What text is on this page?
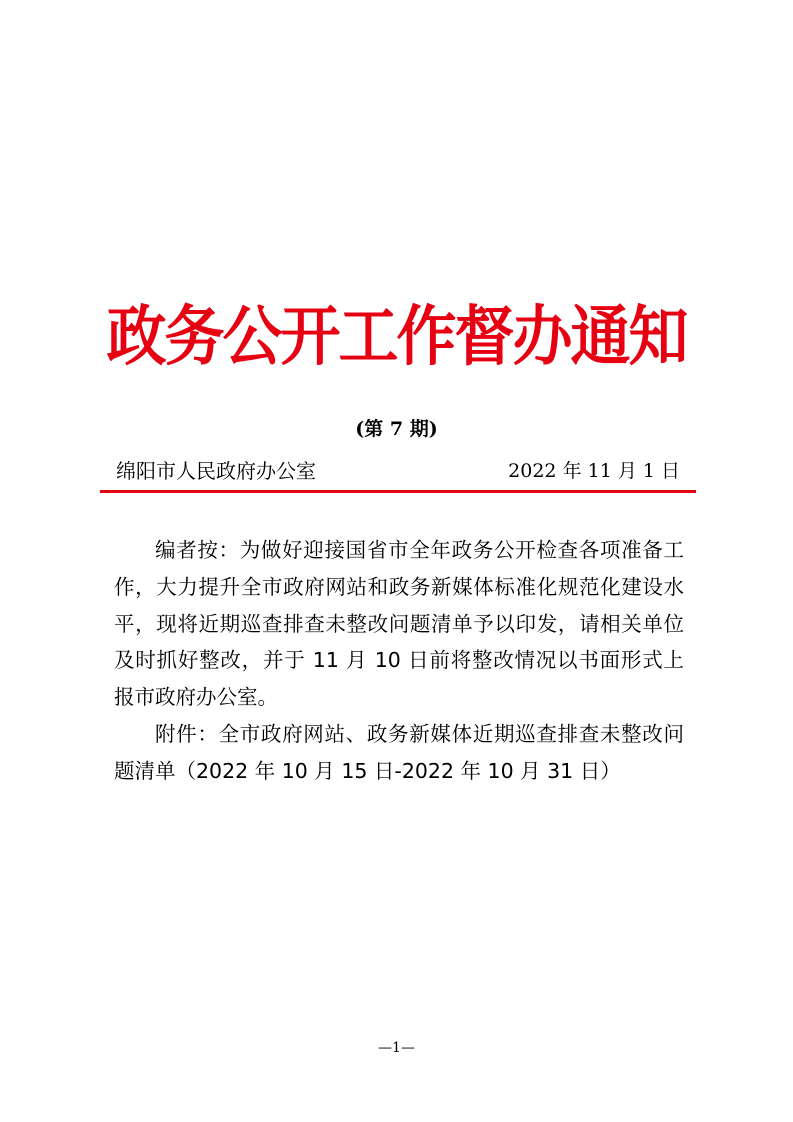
政务公开工作督办通知
(第 7 期)
绵阳市人民政府办公室	2022 年 11 月 1 日

编者按：为做好迎接国省市全年政务公开检查各项准备工作，大力提升全市政府网站和政务新媒体标准化规范化建设水平，现将近期巡查排查未整改问题清单予以印发，请相关单位及时抓好整改，并于 11 月 10 日前将整改情况以书面形式上报市政府办公室。

附件：全市政府网站、政务新媒体近期巡查排查未整改问题清单（2022 年 10 月 15 日-2022 年 10 月 31 日）

—1—
